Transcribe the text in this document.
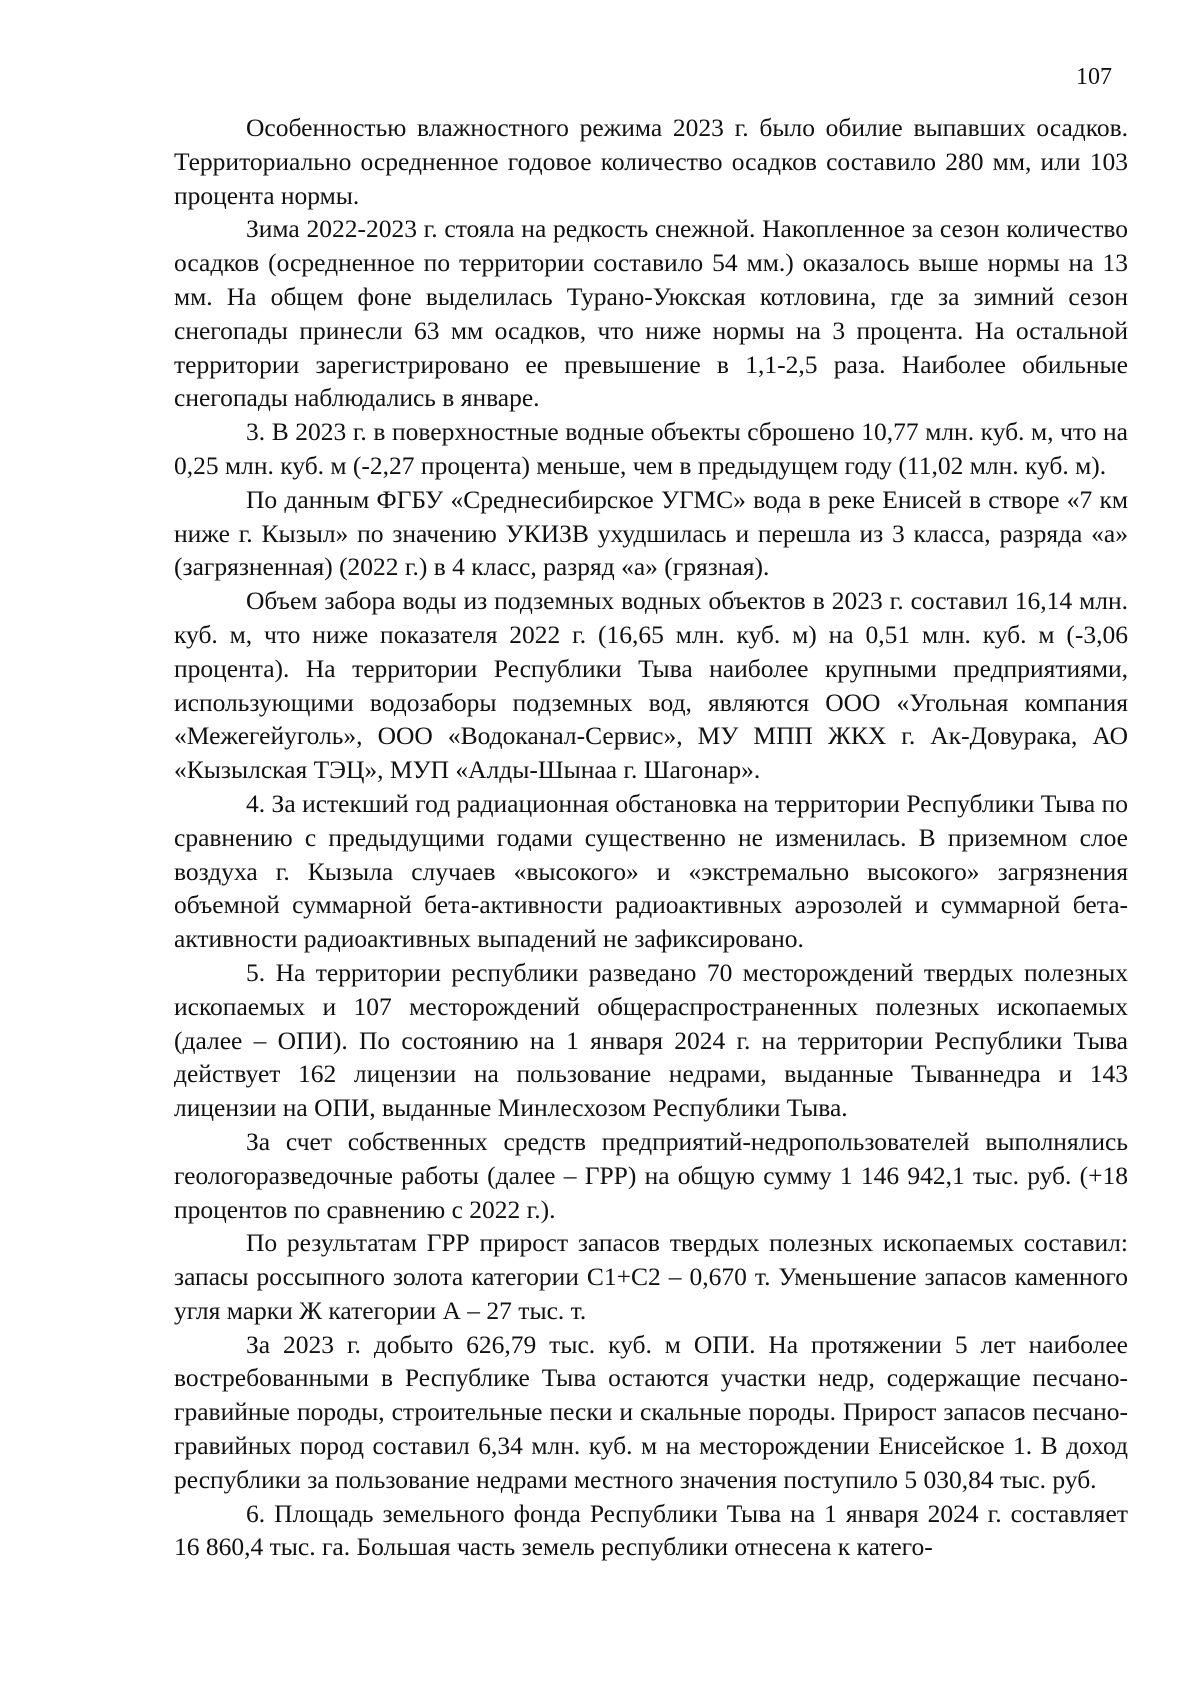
107

Особенностью влажностного режима 2023 г. было обилие выпавших осадков. Территориально осредненное годовое количество осадков составило 280 мм, или 103 процента нормы.

Зима 2022-2023 г. стояла на редкость снежной. Накопленное за сезон количество осадков (осредненное по территории составило 54 мм.) оказалось выше нормы на 13 мм. На общем фоне выделилась Турано-Уюкская котловина, где за зимний сезон снегопады принесли 63 мм осадков, что ниже нормы на 3 процента. На остальной территории зарегистрировано ее превышение в 1,1-2,5 раза. Наиболее обильные снегопады наблюдались в январе.

3. В 2023 г. в поверхностные водные объекты сброшено 10,77 млн. куб. м, что на 0,25 млн. куб. м (-2,27 процента) меньше, чем в предыдущем году (11,02 млн. куб. м).

По данным ФГБУ «Среднесибирское УГМС» вода в реке Енисей в створе «7 км ниже г. Кызыл» по значению УКИЗВ ухудшилась и перешла из 3 класса, разряда «а» (загрязненная) (2022 г.) в 4 класс, разряд «а» (грязная).

Объем забора воды из подземных водных объектов в 2023 г. составил 16,14 млн. куб. м, что ниже показателя 2022 г. (16,65 млн. куб. м) на 0,51 млн. куб. м (-3,06 процента). На территории Республики Тыва наиболее крупными предприятиями, использующими водозаборы подземных вод, являются ООО «Угольная компания «Межегейуголь», ООО «Водоканал-Сервис», МУ МПП ЖКХ г. Ак-Довурака, АО «Кызылская ТЭЦ», МУП «Алды-Шынаа г. Шагонар».

4. За истекший год радиационная обстановка на территории Республики Тыва по сравнению с предыдущими годами существенно не изменилась. В приземном слое воздуха г. Кызыла случаев «высокого» и «экстремально высокого» загрязнения объемной суммарной бета-активности радиоактивных аэрозолей и суммарной бета-активности радиоактивных выпадений не зафиксировано.

5. На территории республики разведано 70 месторождений твердых полезных ископаемых и 107 месторождений общераспространенных полезных ископаемых (далее – ОПИ). По состоянию на 1 января 2024 г. на территории Республики Тыва действует 162 лицензии на пользование недрами, выданные Тываннедра и 143 лицензии на ОПИ, выданные Минлесхозом Республики Тыва.

За счет собственных средств предприятий-недропользователей выполнялись геологоразведочные работы (далее – ГРР) на общую сумму 1 146 942,1 тыс. руб. (+18 процентов по сравнению с 2022 г.).

По результатам ГРР прирост запасов твердых полезных ископаемых составил: запасы россыпного золота категории С1+С2 – 0,670 т. Уменьшение запасов каменного угля марки Ж категории А – 27 тыс. т.

За 2023 г. добыто 626,79 тыс. куб. м ОПИ. На протяжении 5 лет наиболее востребованными в Республике Тыва остаются участки недр, содержащие песчано-гравийные породы, строительные пески и скальные породы. Прирост запасов песчано-гравийных пород составил 6,34 млн. куб. м на месторождении Енисейское 1. В доход республики за пользование недрами местного значения поступило 5 030,84 тыс. руб.

6. Площадь земельного фонда Республики Тыва на 1 января 2024 г. составляет 16 860,4 тыс. га. Большая часть земель республики отнесена к катего-
